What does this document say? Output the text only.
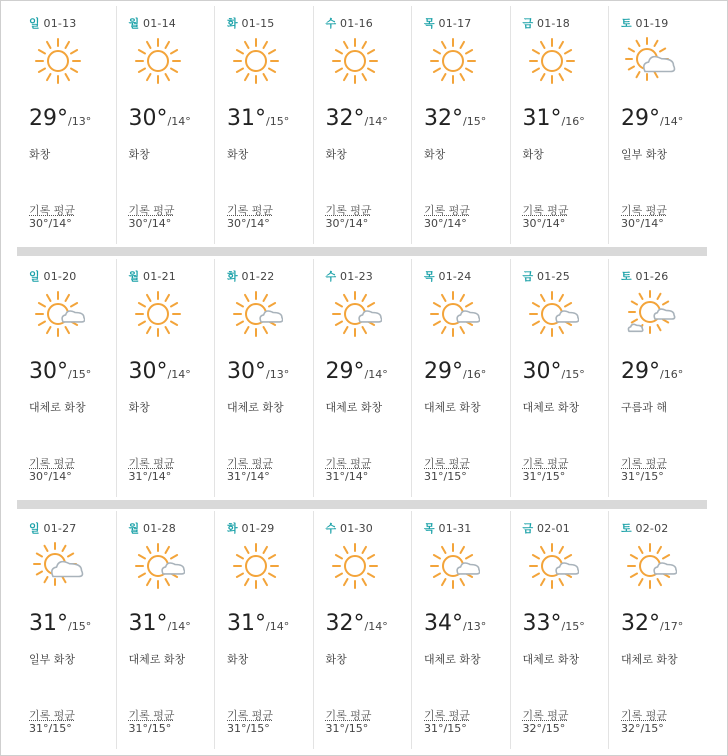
일 01-13
29°/13°
화창
기록 평균
30°/14°
월 01-14
30°/14°
화창
기록 평균
30°/14°
화 01-15
31°/15°
화창
기록 평균
30°/14°
수 01-16
32°/14°
화창
기록 평균
30°/14°
목 01-17
32°/15°
화창
기록 평균
30°/14°
금 01-18
31°/16°
화창
기록 평균
30°/14°
토 01-19
29°/14°
일부 화창
기록 평균
30°/14°
일 01-20
30°/15°
대체로 화창
기록 평균
30°/14°
월 01-21
30°/14°
화창
기록 평균
31°/14°
화 01-22
30°/13°
대체로 화창
기록 평균
31°/14°
수 01-23
29°/14°
대체로 화창
기록 평균
31°/14°
목 01-24
29°/16°
대체로 화창
기록 평균
31°/15°
금 01-25
30°/15°
대체로 화창
기록 평균
31°/15°
토 01-26
29°/16°
구름과 해
기록 평균
31°/15°
일 01-27
31°/15°
일부 화창
기록 평균
31°/15°
월 01-28
31°/14°
대체로 화창
기록 평균
31°/15°
화 01-29
31°/14°
화창
기록 평균
31°/15°
수 01-30
32°/14°
화창
기록 평균
31°/15°
목 01-31
34°/13°
대체로 화창
기록 평균
31°/15°
금 02-01
33°/15°
대체로 화창
기록 평균
32°/15°
토 02-02
32°/17°
대체로 화창
기록 평균
32°/15°
